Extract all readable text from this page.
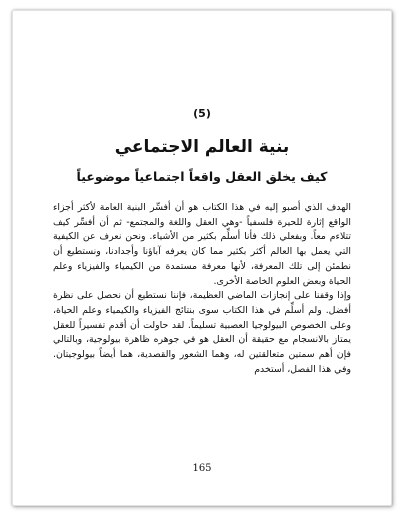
(5)
بنية العالم الاجتماعي
كيف يخلق العقل واقعاً اجتماعياً موضوعياً

الهدف الذي أصبو إليه في هذا الكتاب هو أن أفسِّر البنية العامة لأكثر أجزاء الواقع إثارة للحيرة فلسفياً -وهي العقل واللغة والمجتمع- ثم أن أفسِّر كيف تتلاءم معاً. وبفعلي ذلك فأنا أسلِّم بكثير من الأشياء. ونحن نعرف عن الكيفية التي يعمل بها العالم أكثر بكثير مما كان يعرفه آباؤنا وأجدادنا، ونستطيع أن نطمئن إلى تلك المعرفة، لأنها معرفة مستمدة من الكيمياء والفيزياء وعلم الحياة وبعض العلوم الخاصة الأخرى.

وإذا وقفنا على إنجازات الماضي العظيمة، فإننا نستطيع أن نحصل على نظرة أفضل. ولم أسلِّم في هذا الكتاب سوى بنتائج الفيزياء والكيمياء وعلم الحياة، وعلى الخصوص البيولوجيا العصبية تسليماً. لقد حاولت أن أقدم تفسيراً للعقل يمتاز بالانسجام مع حقيقة أن العقل هو في جوهره ظاهرة بيولوجية، وبالتالي فإن أهم سمتين متعالقتين له، وهما الشعور والقصدية، هما أيضاً بيولوجيتان. وفي هذا الفصل، أستخدم

165
